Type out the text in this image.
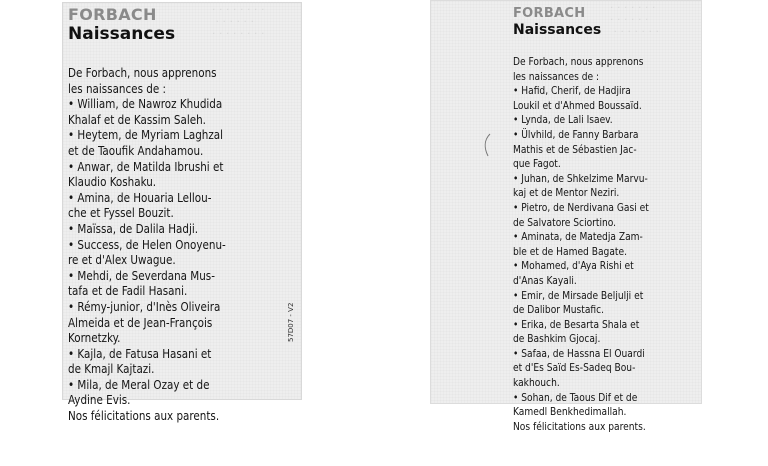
· · · · · · · ·
· · · · · ·
· · · · · · · ·
FORBACH
Naissances
De Forbach, nous apprenons
les naissances de :
• William, de Nawroz Khudida
Khalaf et de Kassim Saleh.
• Heytem, de Myriam Laghzal
et de Taoufik Andahamou.
• Anwar, de Matilda Ibrushi et
Klaudio Koshaku.
• Amina, de Houaria Lellou-
che et Fyssel Bouzit.
• Maïssa, de Dalila Hadji.
• Success, de Helen Onoyenu-
re et d'Alex Uwague.
• Mehdi, de Severdana Mus-
tafa et de Fadil Hasani.
• Rémy-junior, d'Inès Oliveira
Almeida et de Jean-François
Kornetzky.
• Kajla, de Fatusa Hasani et
de Kmajl Kajtazi.
• Mila, de Meral Ozay et de
Aydine Evis.
Nos félicitations aux parents.
57D07 - V2
· · · · · · ·
· · · · · ·
· · · · · · ·
FORBACH
Naissances
De Forbach, nous apprenons
les naissances de :
• Hafid, Cherif, de Hadjira
Loukil et d'Ahmed Boussaïd.
• Lynda, de Lali Isaev.
• Ülvhild, de Fanny Barbara
Mathis et de Sébastien Jac-
que Fagot.
• Juhan, de Shkelzime Marvu-
kaj et de Mentor Neziri.
• Pietro, de Nerdivana Gasi et
de Salvatore Sciortino.
• Aminata, de Matedja Zam-
ble et de Hamed Bagate.
• Mohamed, d'Aya Rishi et
d'Anas Kayali.
• Emir, de Mirsade Beljulji et
de Dalibor Mustafic.
• Erika, de Besarta Shala et
de Bashkim Gjocaj.
• Safaa, de Hassna El Ouardi
et d'Es Saïd Es-Sadeq Bou-
kakhouch.
• Sohan, de Taous Dif et de
Kamedl Benkhedimallah.
Nos félicitations aux parents.
